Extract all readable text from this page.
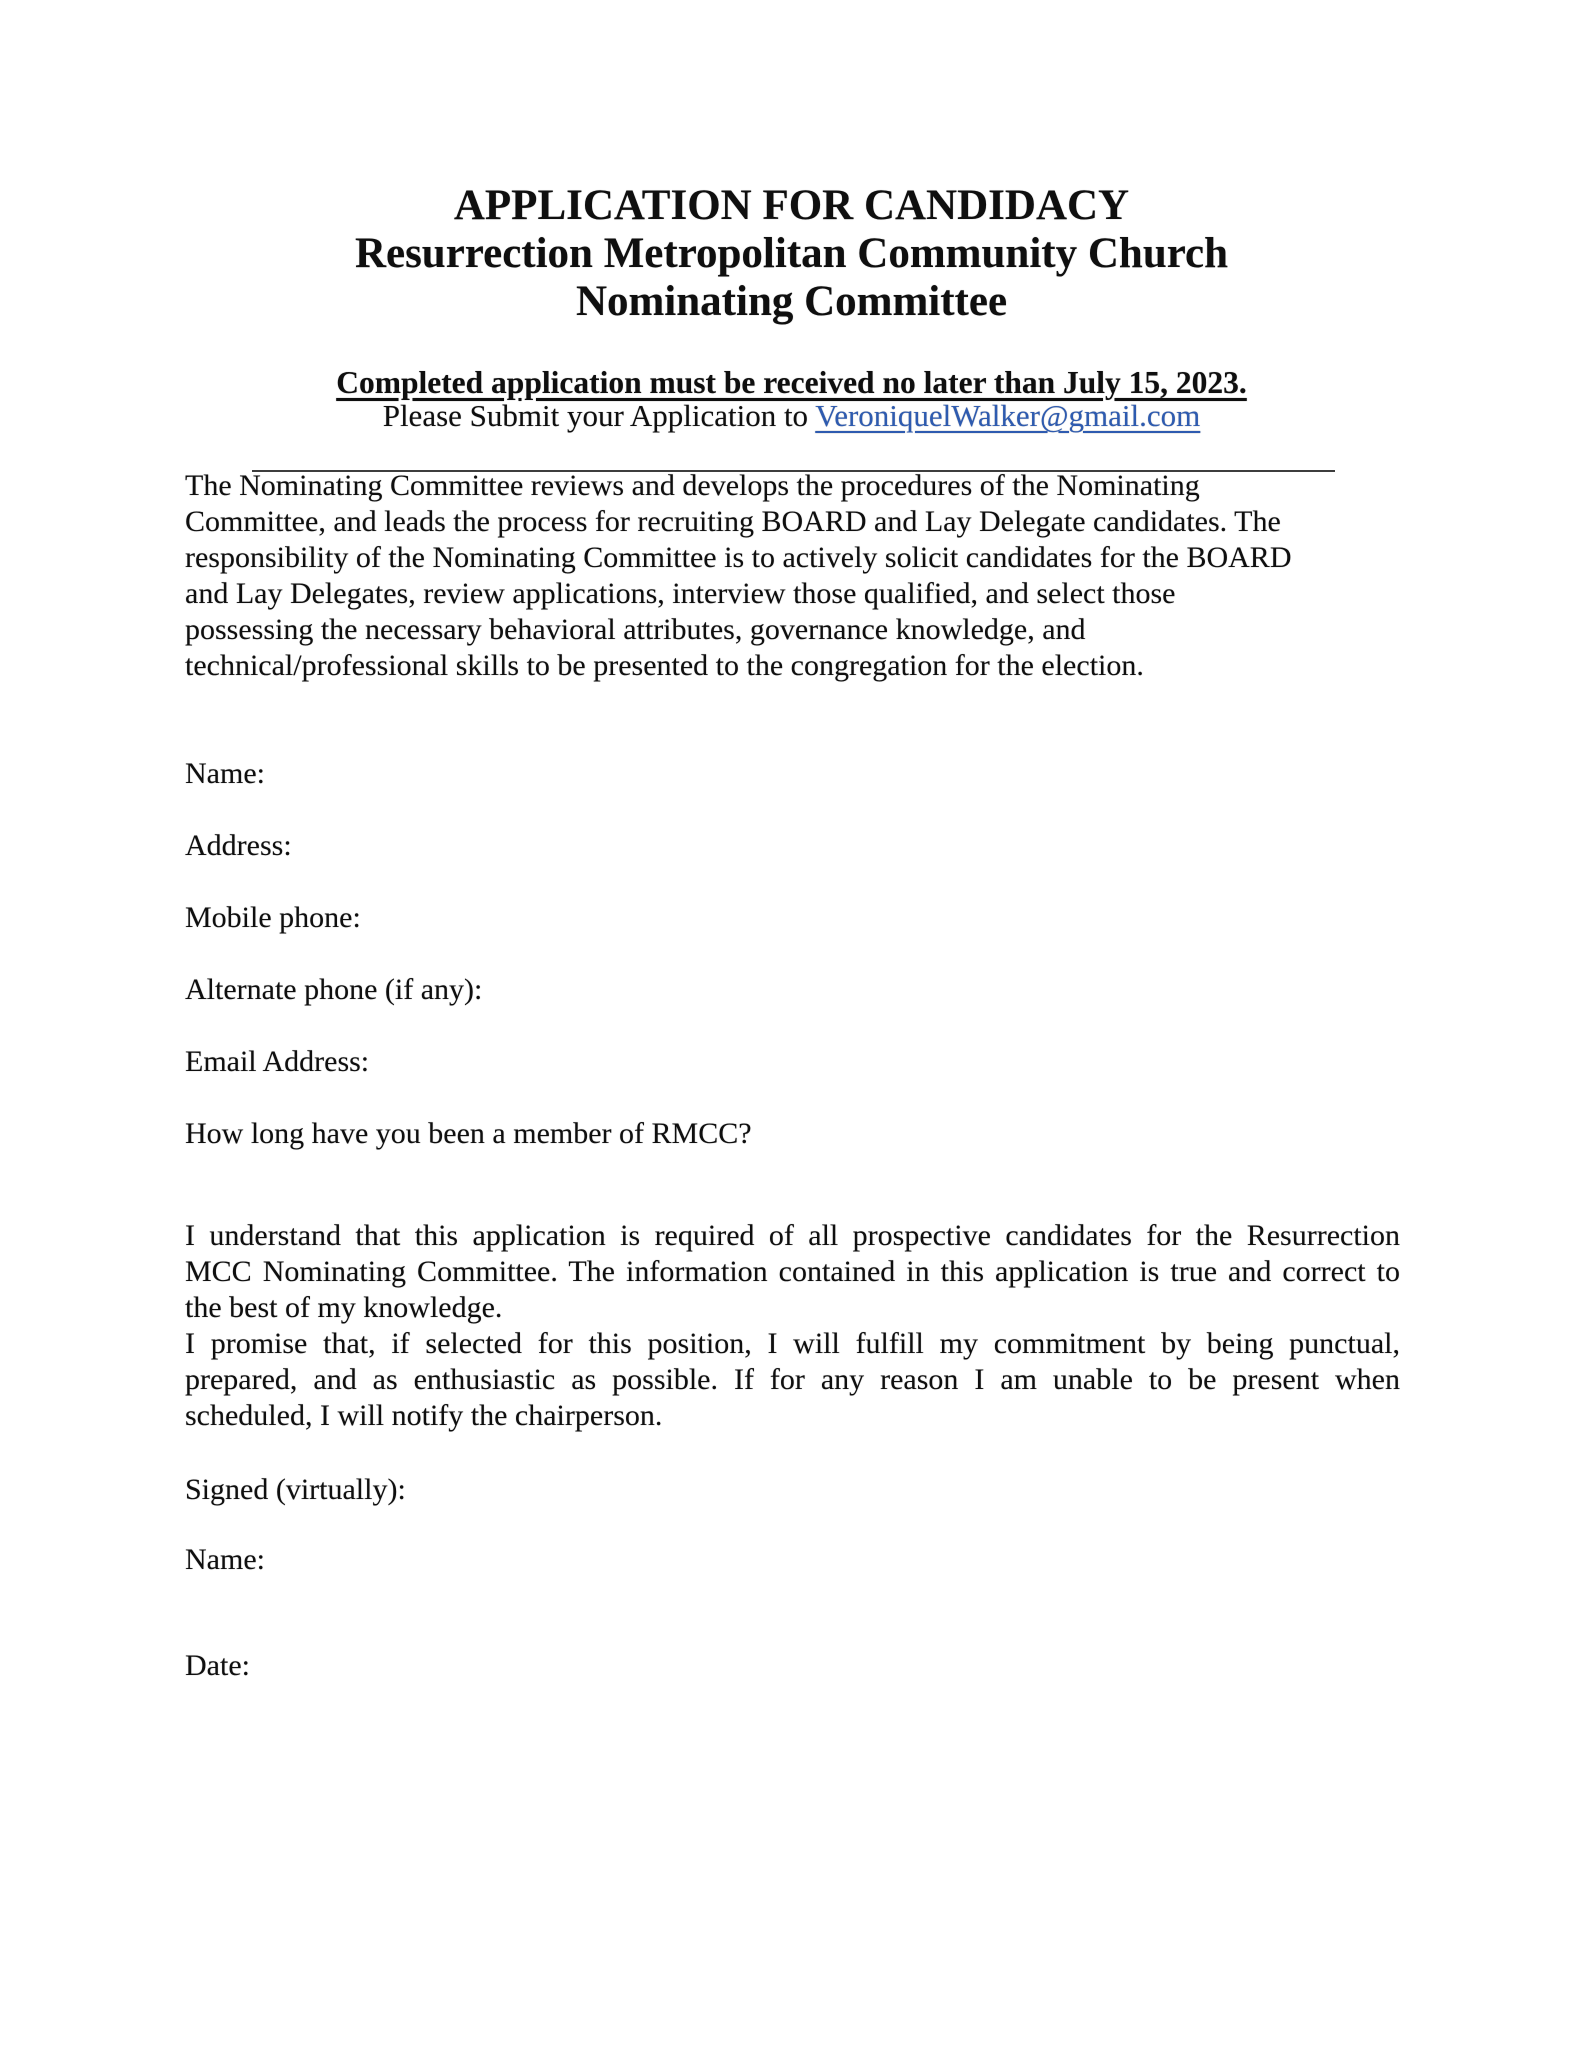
APPLICATION FOR CANDIDACY
Resurrection Metropolitan Community Church
Nominating Committee
Completed application must be received no later than July 15, 2023.
Please Submit your Application to VeroniquelWalker@gmail.com
The Nominating Committee reviews and develops the procedures of the Nominating
Committee, and leads the process for recruiting BOARD and Lay Delegate candidates. The
responsibility of the Nominating Committee is to actively solicit candidates for the BOARD
and Lay Delegates, review applications, interview those qualified, and select those
possessing the necessary behavioral attributes, governance knowledge, and
technical/professional skills to be presented to the congregation for the election.
Name:
Address:
Mobile phone:
Alternate phone (if any):
Email Address:
How long have you been a member of RMCC?
I understand that this application is required of all prospective candidates for the Resurrection
MCC Nominating Committee. The information contained in this application is true and correct to
the best of my knowledge.
I promise that, if selected for this position, I will fulfill my commitment by being punctual,
prepared, and as enthusiastic as possible. If for any reason I am unable to be present when
scheduled, I will notify the chairperson.
Signed (virtually):
Name:
Date:
